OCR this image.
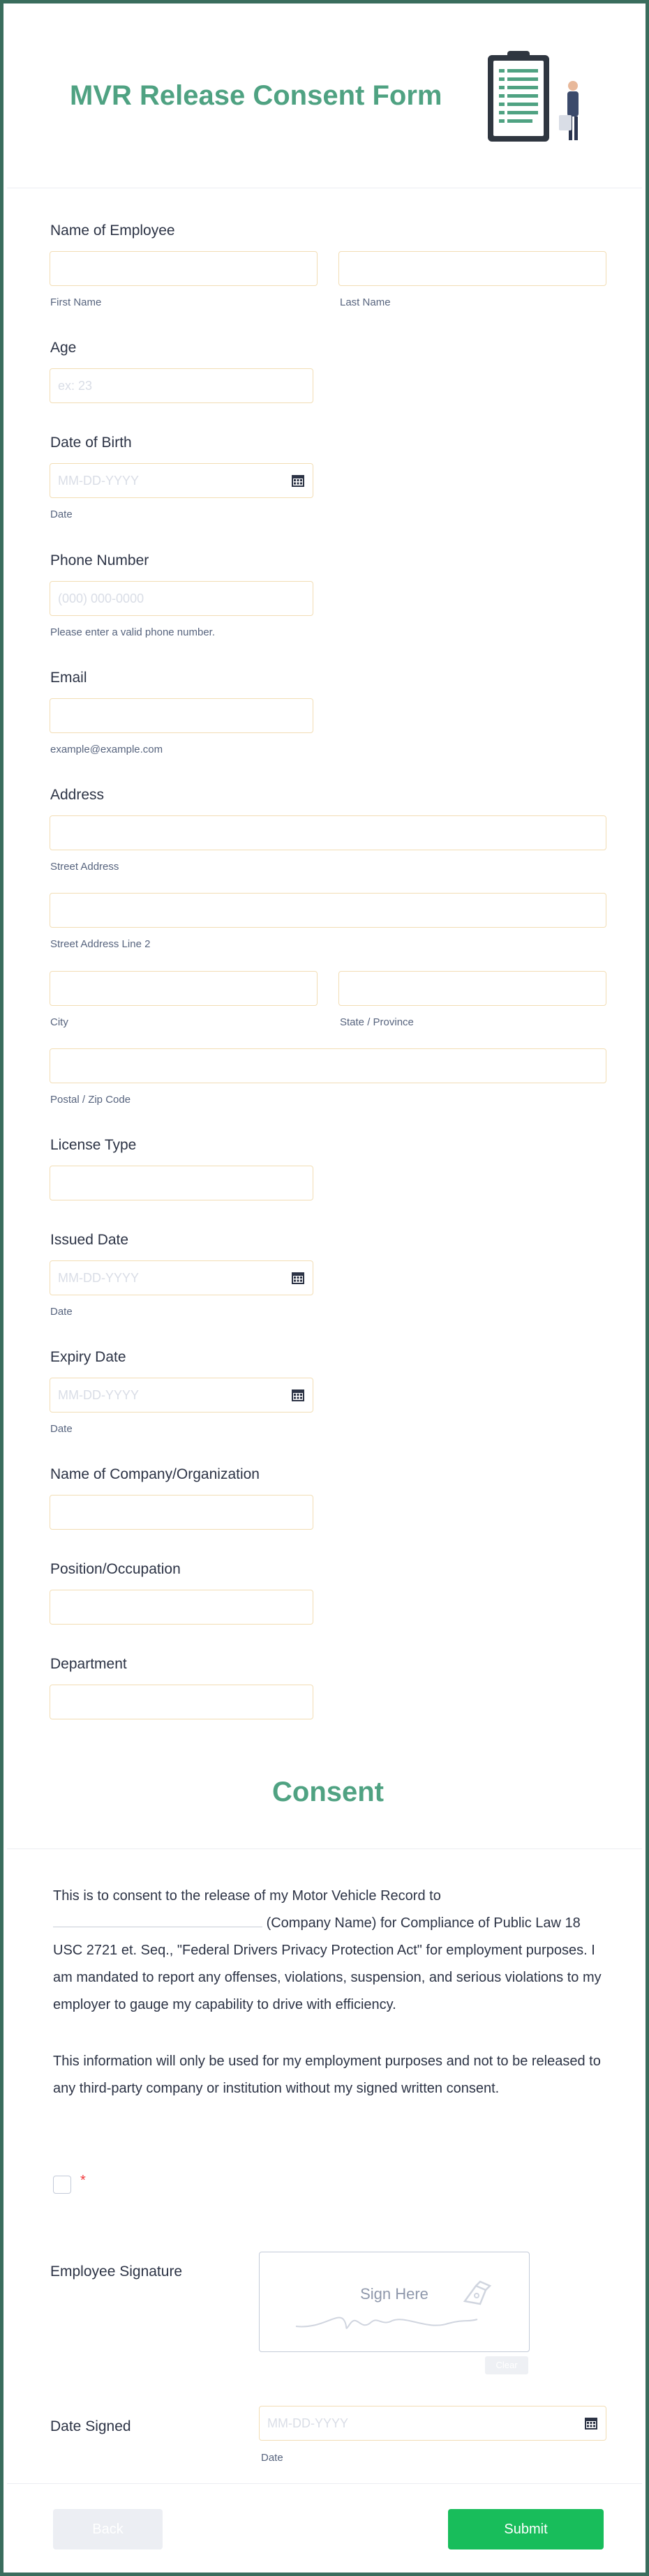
MVR Release Consent Form
Name of Employee
First Name	Last Name
Age
ex: 23
Date of Birth
MM-DD-YYYY
Date
Phone Number
(000) 000-0000
Please enter a valid phone number.
Email
example@example.com
Address
Street Address
Street Address Line 2
City	State / Province
Postal / Zip Code
License Type
Issued Date
MM-DD-YYYY
Date
Expiry Date
MM-DD-YYYY
Date
Name of Company/Organization
Position/Occupation
Department
Consent
This is to consent to the release of my Motor Vehicle Record to  (Company Name) for Compliance of Public Law 18 USC 2721 et. Seq., "Federal Drivers Privacy Protection Act" for employment purposes. I am mandated to report any offenses, violations, suspension, and serious violations to my employer to gauge my capability to drive with efficiency.
This information will only be used for my employment purposes and not to be released to any third-party company or institution without my signed written consent.
*
Employee Signature
Sign Here
Clear
Date Signed	MM-DD-YYYY
Date
Back	Submit
